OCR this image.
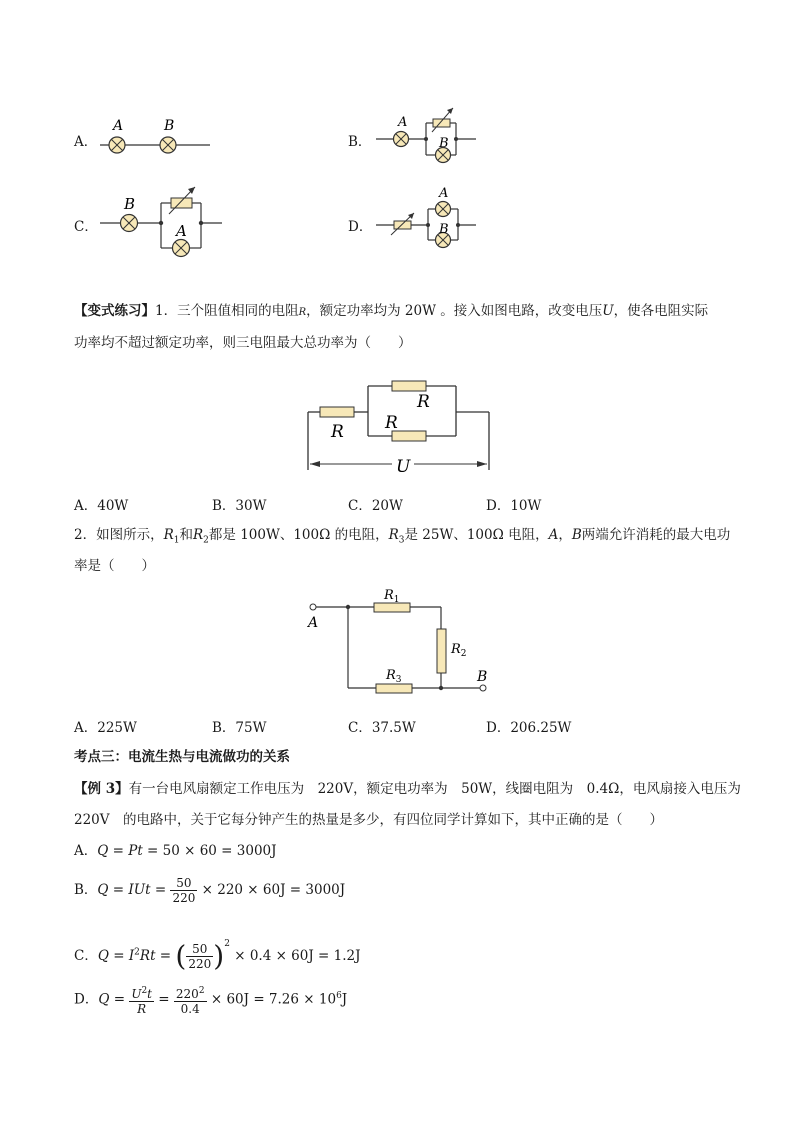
A．
A	B
B．
A
B
C．
B
A	D．
A
B
【变式练习】1．三个阻值相同的电阻R，额定功率均为 20W 。接入如图电路，改变电压U，使各电阻实际
功率均不超过额定功率，则三电阻最大总功率为（　　）
R
R R
U
A．40W	B．30W	C．20W	D．10W
2．如图所示，$R_1$和$R_2$都是 100W、100Ω 的电阻，$R_3$是 25W、100Ω 电阻，A，B两端允许消耗的最大电功
率是（　　）
A
B
$R_1$
$R_2$
$R_3$
A．225W	B．75W	C．37.5W	D．206.25W
考点三：电流生热与电流做功的关系
【例 3】有一台电风扇额定工作电压为　220V，额定电功率为　50W，线圈电阻为　0.4Ω，电风扇接入电压为
220V　的电路中，关于它每分钟产生的热量是多少，有四位同学计算如下，其中正确的是（　　）
A．Q = Pt = 50 × 60 = 3000J
B．Q = IUt = $\frac{50}{220} \times 220 \times 60J = 3000J$
C．$Q = I^2Rt$ = ( $\frac{50}{220} )^2 \times 0.4 \times 60J = 1.2J$
D．$Q = \frac{U^2t}{R} = \frac{220^2}{0.4} \times 60J = 7.26 \times 10^6J$
